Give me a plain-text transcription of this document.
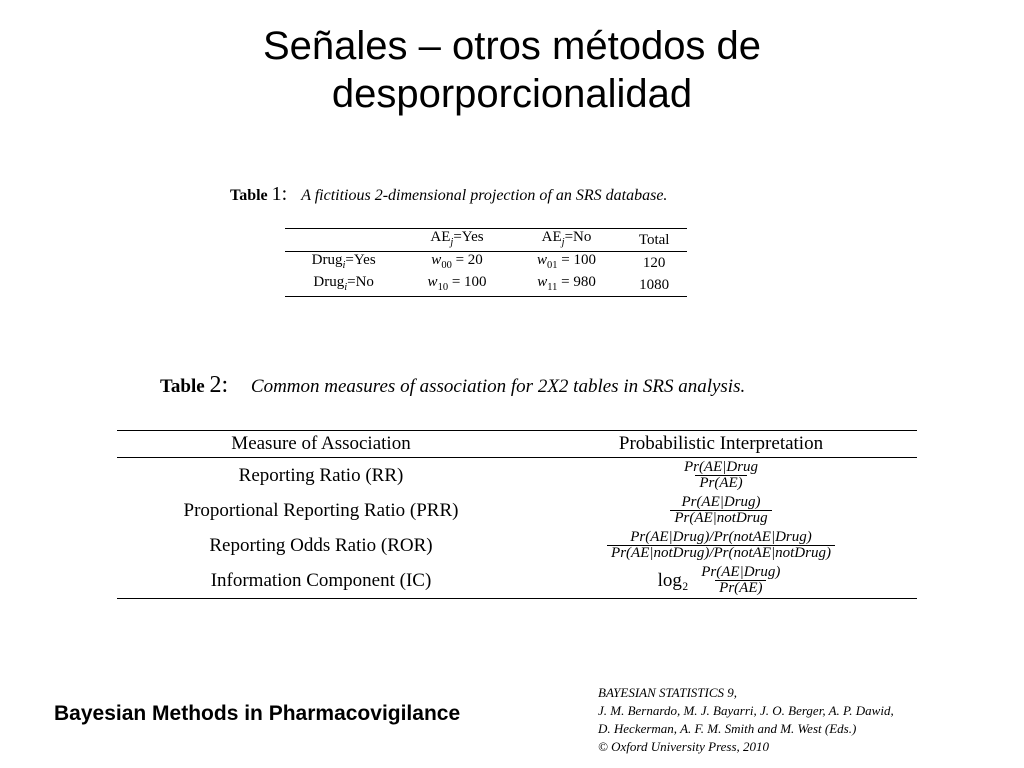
Señales – otros métodos de
desporporcionalidad
Table 1: A fictitious 2-dimensional projection of an SRS database.
	$AE_j=Yes$	$AE_j=No$	Total
Drug$_i$=Yes	$w_{00} = 20$	$w_{01} = 100$	120
Drug$_i$=No	$w_{10} = 100$	$w_{11} = 980$	1080
Table 2: Common measures of association for 2X2 tables in SRS analysis.
Measure of Association	Probabilistic Interpretation
Reporting Ratio (RR)	$\frac{\text{Pr(AE|Drug}}{Pr(AE)}$

Proportional Reporting Ratio (PRR)	$\frac{\text{Pr(AE|Drug)}}{\text{Pr(AE|notDrug}}$

Reporting Odds Ratio (ROR)	$\frac{\text{Pr(AE|Drug)/Pr(notAE|Drug)}}{\text{Pr(AE|notDrug)/Pr(notAE|notDrug)}}$

Information Component (IC)	$\log_2 \frac{\text{Pr(AE|Drug)}}{Pr(AE)}$
Bayesian Methods in Pharmacovigilance
BAYESIAN STATISTICS 9,
J. M. Bernardo, M. J. Bayarri, J. O. Berger, A. P. Dawid,
D. Heckerman, A. F. M. Smith and M. West (Eds.)
© Oxford University Press, 2010
